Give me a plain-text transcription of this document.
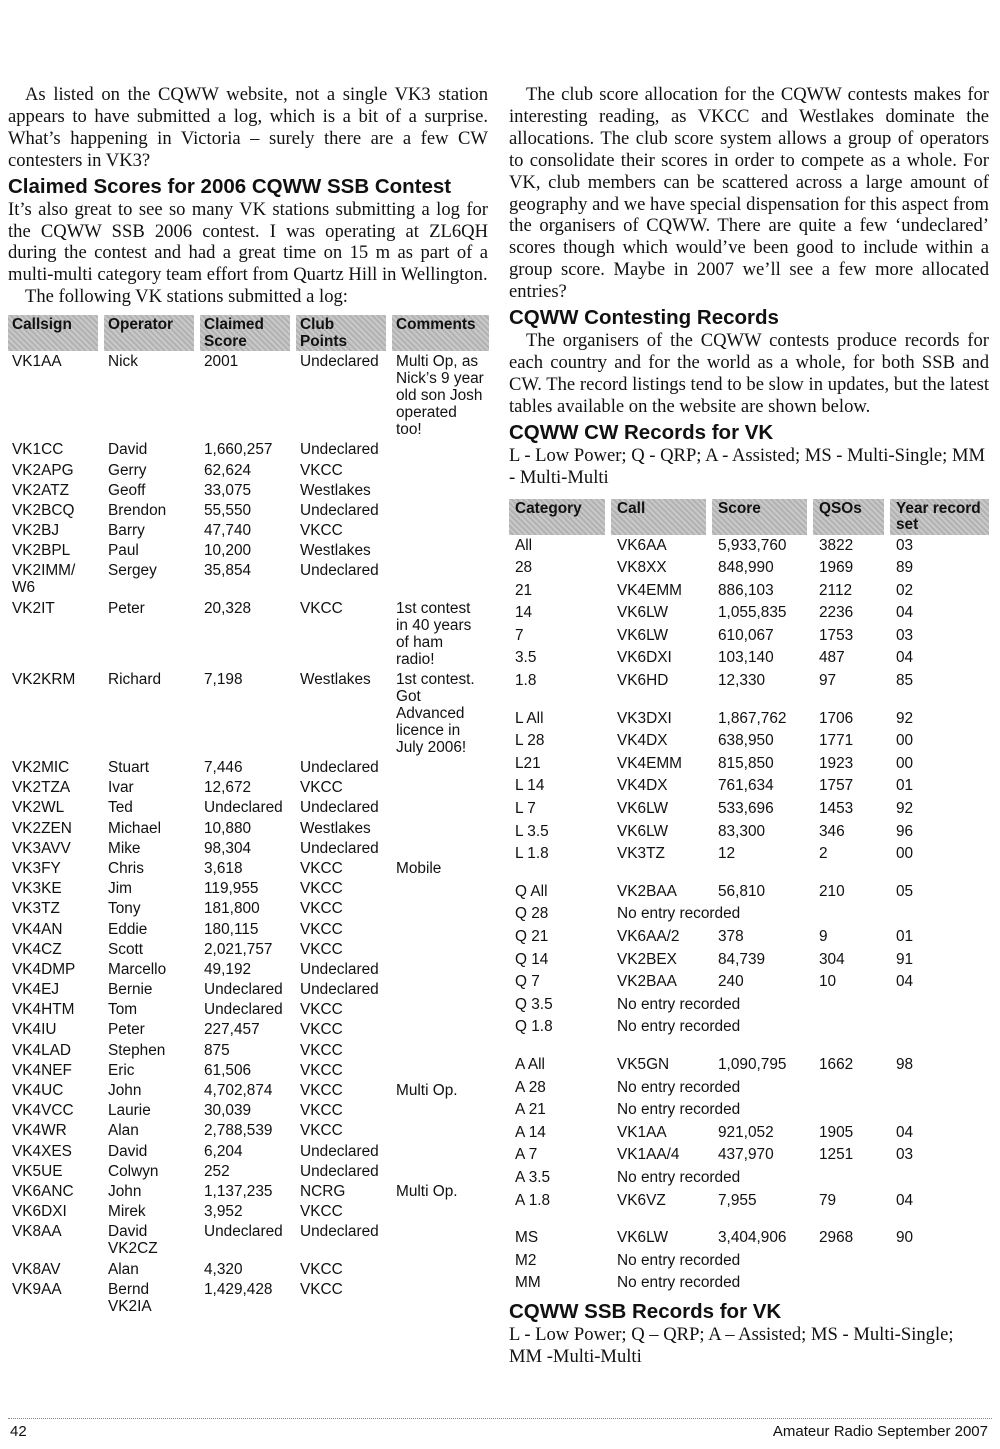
As listed on the CQWW website, not a single VK3 station appears to have submitted a log, which is a bit of a surprise. What’s happening in Victoria – surely there are a few CW contesters in VK3?

Claimed Scores for 2006 CQWW SSB Contest

It’s also great to see so many VK stations submitting a log for the CQWW SSB 2006 contest. I was operating at ZL6QH during the contest and had a great time on 15 m as part of a multi-multi category team effort from Quartz Hill in Wellington.

The following VK stations submitted a log:

Callsign	Operator	Claimed Score	Club Points	Comments
VK1AA	Nick	2001	Undeclared	Multi Op, as Nick’s 9 year old son Josh operated too!
VK1CC	David	1,660,257	Undeclared	
VK2APG	Gerry	62,624	VKCC	
VK2ATZ	Geoff	33,075	Westlakes	
VK2BCQ	Brendon	55,550	Undeclared	
VK2BJ	Barry	47,740	VKCC	
VK2BPL	Paul	10,200	Westlakes	
VK2IMM/ W6	Sergey	35,854	Undeclared	
VK2IT	Peter	20,328	VKCC	1st contest in 40 years of ham radio!
VK2KRM	Richard	7,198	Westlakes	1st contest. Got Advanced licence in July 2006!
VK2MIC	Stuart	7,446	Undeclared	
VK2TZA	Ivar	12,672	VKCC	
VK2WL	Ted	Undeclared	Undeclared	
VK2ZEN	Michael	10,880	Westlakes	
VK3AVV	Mike	98,304	Undeclared	
VK3FY	Chris	3,618	VKCC	Mobile
VK3KE	Jim	119,955	VKCC	
VK3TZ	Tony	181,800	VKCC	
VK4AN	Eddie	180,115	VKCC	
VK4CZ	Scott	2,021,757	VKCC	
VK4DMP	Marcello	49,192	Undeclared	
VK4EJ	Bernie	Undeclared	Undeclared	
VK4HTM	Tom	Undeclared	VKCC	
VK4IU	Peter	227,457	VKCC	
VK4LAD	Stephen	875	VKCC	
VK4NEF	Eric	61,506	VKCC	
VK4UC	John	4,702,874	VKCC	Multi Op.
VK4VCC	Laurie	30,039	VKCC	
VK4WR	Alan	2,788,539	VKCC	
VK4XES	David	6,204	Undeclared	
VK5UE	Colwyn	252	Undeclared	
VK6ANC	John	1,137,235	NCRG	Multi Op.
VK6DXI	Mirek	3,952	VKCC	
VK8AA	David VK2CZ	Undeclared	Undeclared	
VK8AV	Alan	4,320	VKCC	
VK9AA	Bernd VK2IA	1,429,428	VKCC	

The club score allocation for the CQWW contests makes for interesting reading, as VKCC and Westlakes dominate the allocations. The club score system allows a group of operators to consolidate their scores in order to compete as a whole. For VK, club members can be scattered across a large amount of geography and we have special dispensation for this aspect from the organisers of CQWW. There are quite a few ‘undeclared’ scores though which would’ve been good to include within a group score. Maybe in 2007 we’ll see a few more allocated entries?

CQWW Contesting Records

The organisers of the CQWW contests produce records for each country and for the world as a whole, for both SSB and CW. The record listings tend to be slow in updates, but the latest tables available on the website are shown below.

CQWW CW Records for VK

L - Low Power; Q - QRP; A - Assisted; MS - Multi-Single; MM - Multi-Multi

Category	Call	Score	QSOs	Year record set
All	VK6AA	5,933,760	3822	03
28	VK8XX	848,990	1969	89
21	VK4EMM	886,103	2112	02
14	VK6LW	1,055,835	2236	04
7	VK6LW	610,067	1753	03
3.5	VK6DXI	103,140	487	04
1.8	VK6HD	12,330	97	85

L All	VK3DXI	1,867,762	1706	92
L 28	VK4DX	638,950	1771	00
L21	VK4EMM	815,850	1923	00
L 14	VK4DX	761,634	1757	01
L 7	VK6LW	533,696	1453	92
L 3.5	VK6LW	83,300	346	96
L 1.8	VK3TZ	12	2	00

Q All	VK2BAA	56,810	210	05
Q 28	No entry recorded			
Q 21	VK6AA/2	378	9	01
Q 14	VK2BEX	84,739	304	91
Q 7	VK2BAA	240	10	04
Q 3.5	No entry recorded			
Q 1.8	No entry recorded			

A All	VK5GN	1,090,795	1662	98
A 28	No entry recorded			
A 21	No entry recorded			
A 14	VK1AA	921,052	1905	04
A 7	VK1AA/4	437,970	1251	03
A 3.5	No entry recorded			
A 1.8	VK6VZ	7,955	79	04

MS	VK6LW	3,404,906	2968	90
M2	No entry recorded			
MM	No entry recorded			
CQWW SSB Records for VK

L - Low Power; Q – QRP; A – Assisted; MS - Multi-Single; MM -Multi-Multi

42	Amateur Radio September 2007
